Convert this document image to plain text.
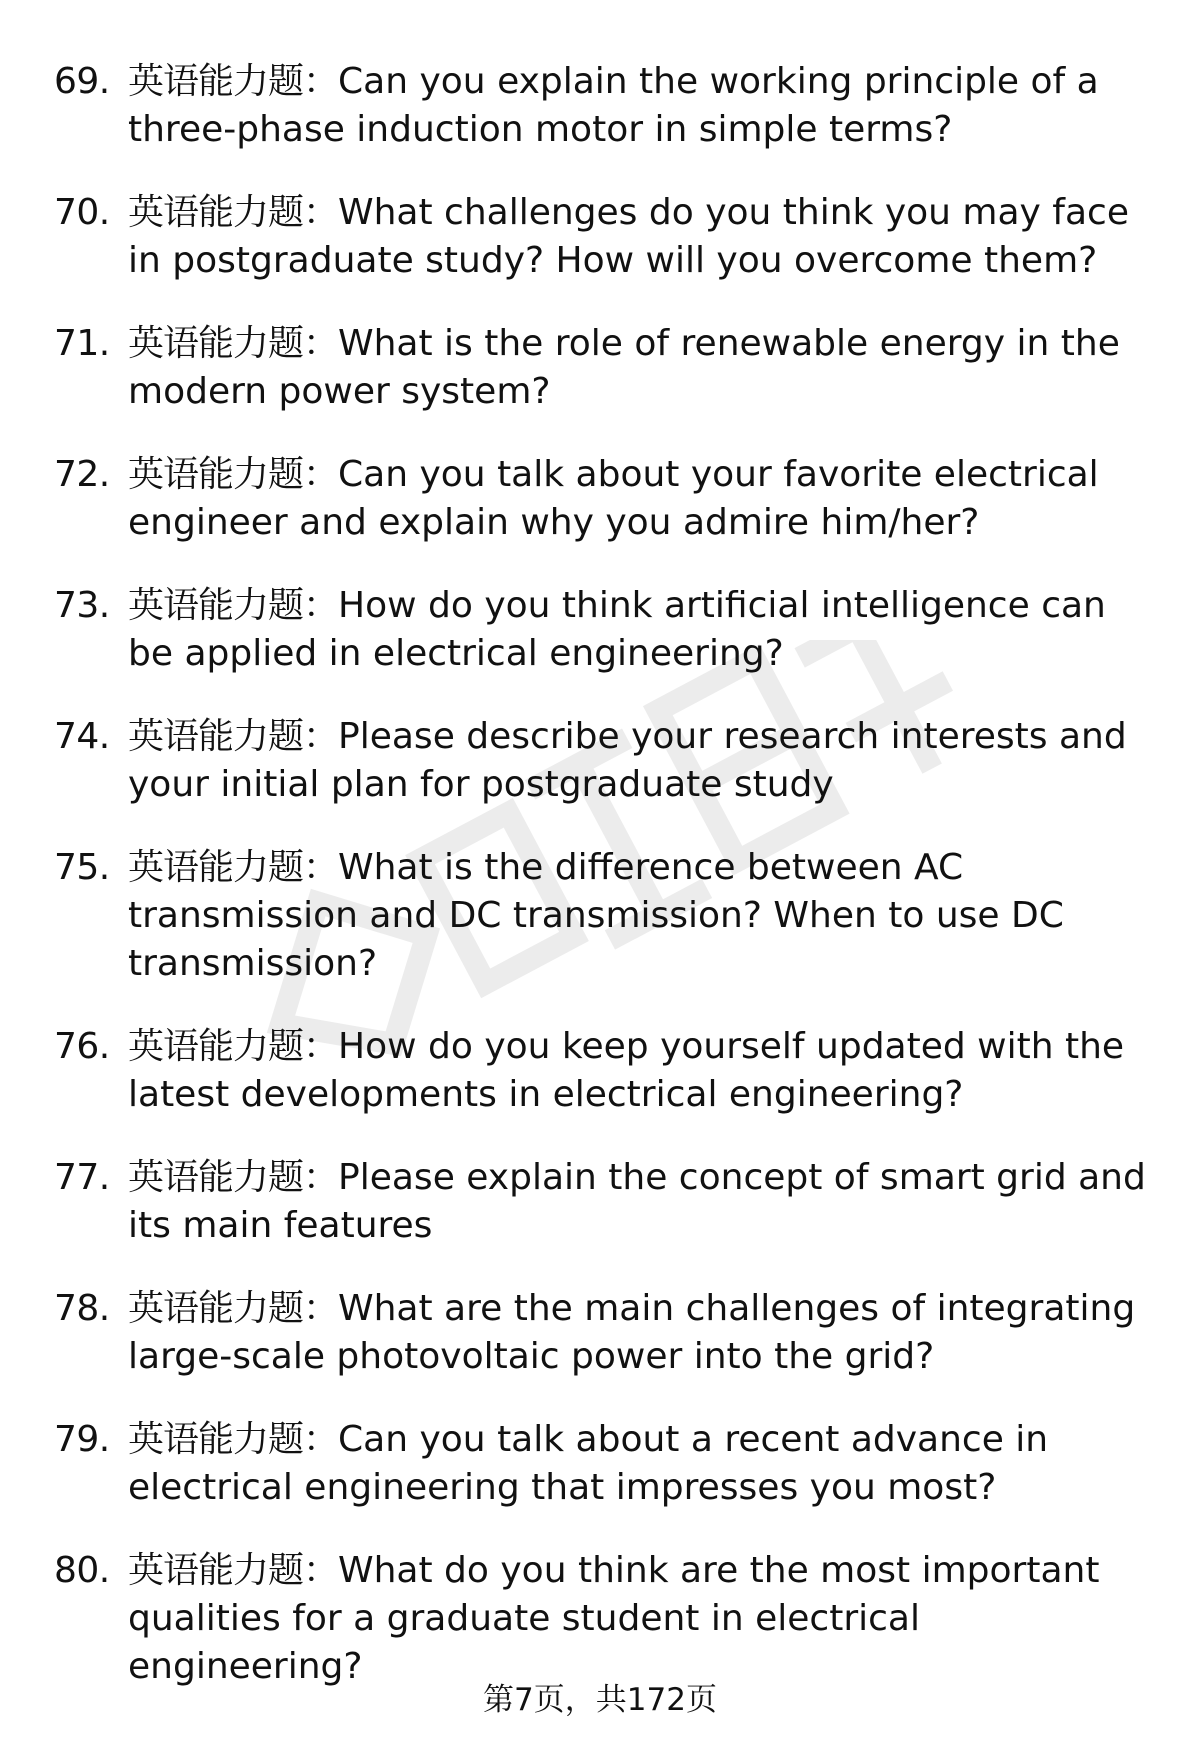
69. 英语能力题：Can you explain the working principle of a three-phase induction motor in simple terms?
70. 英语能力题：What challenges do you think you may face in postgraduate study? How will you overcome them?
71. 英语能力题：What is the role of renewable energy in the modern power system?
72. 英语能力题：Can you talk about your favorite electrical engineer and explain why you admire him/her?
73. 英语能力题：How do you think artificial intelligence can be applied in electrical engineering?
74. 英语能力题：Please describe your research interests and your initial plan for postgraduate study
75. 英语能力题：What is the difference between AC transmission and DC transmission? When to use DC transmission?
76. 英语能力题：How do you keep yourself updated with the latest developments in electrical engineering?
77. 英语能力题：Please explain the concept of smart grid and its main features
78. 英语能力题：What are the main challenges of integrating large-scale photovoltaic power into the grid?
79. 英语能力题：Can you talk about a recent advance in electrical engineering that impresses you most?
80. 英语能力题：What do you think are the most important qualities for a graduate student in electrical engineering?
第7页，共172页
